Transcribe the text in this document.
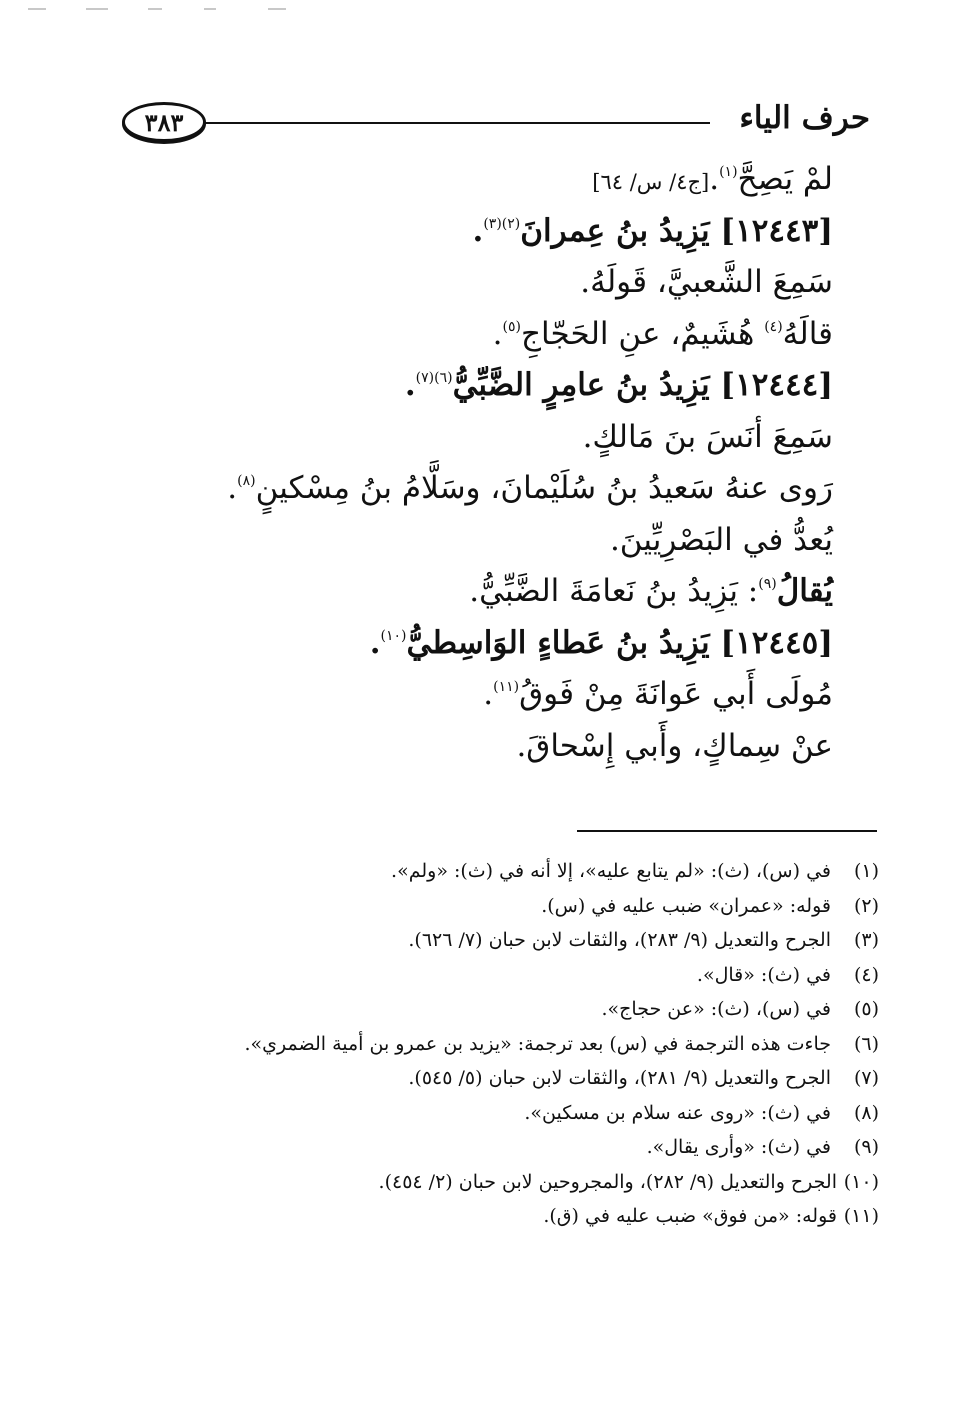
حرف الياء
٣٨٣
لمْ يَصِحَّ$^{(١)}$.[ج٤/ س/ ٦٤]
[١٢٤٤٣] يَزِيدُ بنُ عِمرانَ$^{(٢)(٣)}$.
سَمِعَ الشَّعبيَّ، قَولَهُ.
قالَهُ$^{(٤)}$ هُشَيمٌ، عنِ الحَجّاجِ$^{(٥)}$.
[١٢٤٤٤] يَزِيدُ بنُ عامِرٍ الضَّبِّيُّ$^{(٦)(٧)}$.
سَمِعَ أنَسَ بنَ مَالكٍ.
رَوى عنهُ سَعيدُ بنُ سُلَيْمانَ، وسَلَّامُ بنُ مِسْكينٍ$^{(٨)}$.
يُعدُّ في البَصْرِيِّينَ.
يُقالُ$^{(٩)}$: يَزِيدُ بنُ نَعامَةَ الضَّبِّيُّ.
[١٢٤٤٥] يَزِيدُ بنُ عَطاءٍ الوَاسِطيُّ$^{(١٠)}$.
مُولَى أَبي عَوانَةَ مِنْ فَوقُ$^{(١١)}$.
عنْ سِماكٍ، وأَبي إِسْحاقَ.
(١)في (س)، (ث): «لم يتابع عليه»، إلا أنه في (ث): «ولم».
(٢)قوله: «عمران» ضبب عليه في (س).
(٣)الجرح والتعديل (٩/ ٢٨٣)، والثقات لابن حبان (٧/ ٦٢٦).
(٤)في (ث): «قال».
(٥)في (س)، (ث): «عن حجاج».
(٦)جاءت هذه الترجمة في (س) بعد ترجمة: «يزيد بن عمرو بن أمية الضمري».
(٧)الجرح والتعديل (٩/ ٢٨١)، والثقات لابن حبان (٥/ ٥٤٥).
(٨)في (ث): «روى عنه سلام بن مسكين».
(٩)في (ث): «وأرى يقال».
(١٠)الجرح والتعديل (٩/ ٢٨٢)، والمجروحين لابن حبان (٢/ ٤٥٤).
(١١)قوله: «من فوق» ضبب عليه في (ق).
